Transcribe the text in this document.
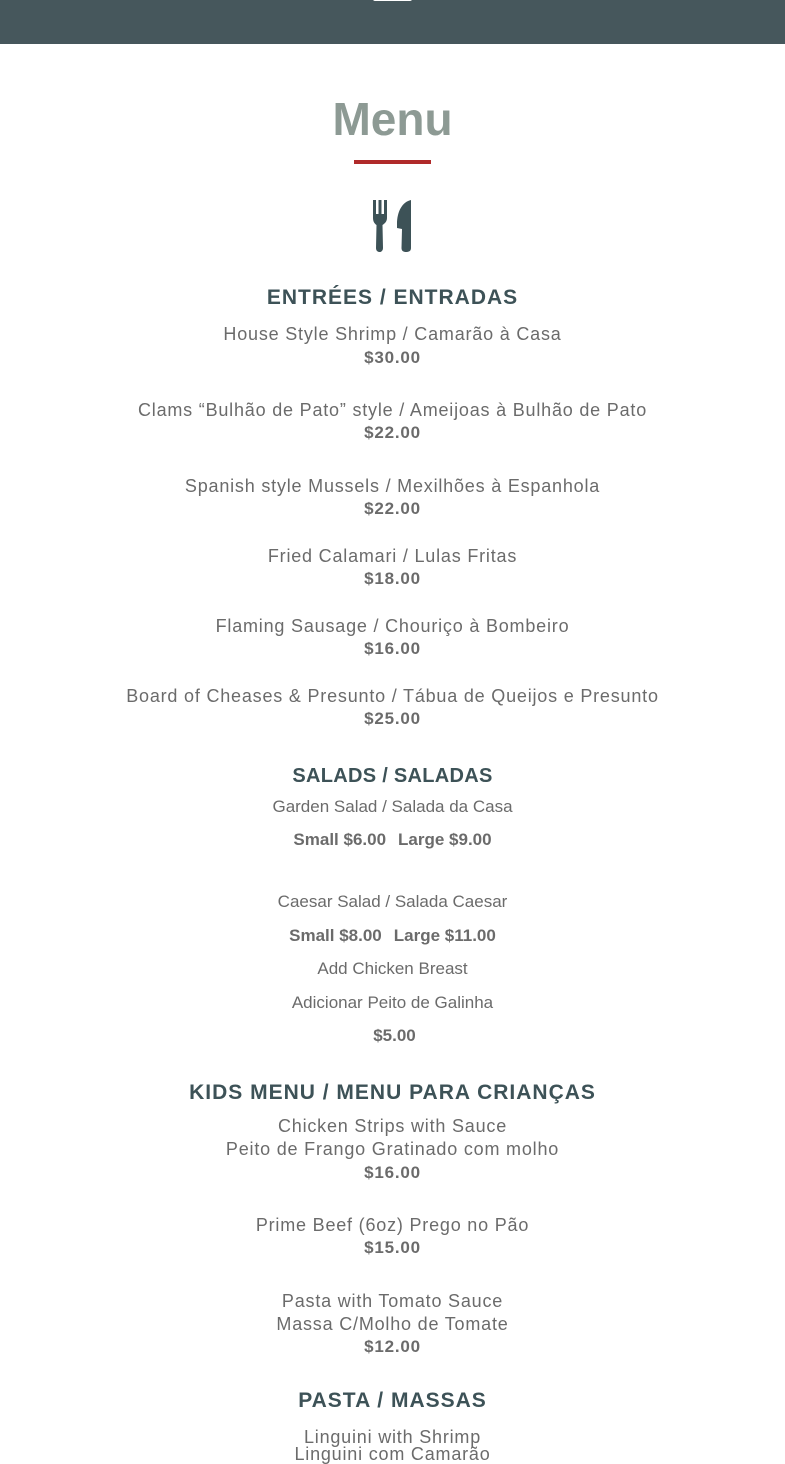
Menu
ENTRÉES / ENTRADAS
House Style Shrimp / Camarão à Casa
$30.00
Clams “Bulhão de Pato” style / Ameijoas à Bulhão de Pato
$22.00
Spanish style Mussels / Mexilhões à Espanhola
$22.00
Fried Calamari / Lulas Fritas
$18.00
Flaming Sausage / Chouriço à Bombeiro
$16.00
Board of Cheases & Presunto / Tábua de Queijos e Presunto
$25.00
SALADS / SALADAS
Garden Salad / Salada da Casa
Small $6.00 Large $9.00
Caesar Salad / Salada Caesar
Small $8.00 Large $11.00
Add Chicken Breast
Adicionar Peito de Galinha
$5.00
KIDS MENU / MENU PARA CRIANÇAS
Chicken Strips with Sauce
Peito de Frango Gratinado com molho
$16.00
Prime Beef (6oz) Prego no Pão
$15.00
Pasta with Tomato Sauce
Massa C/Molho de Tomate
$12.00
PASTA / MASSAS
Linguini with Shrimp
Linguini com Camarão
